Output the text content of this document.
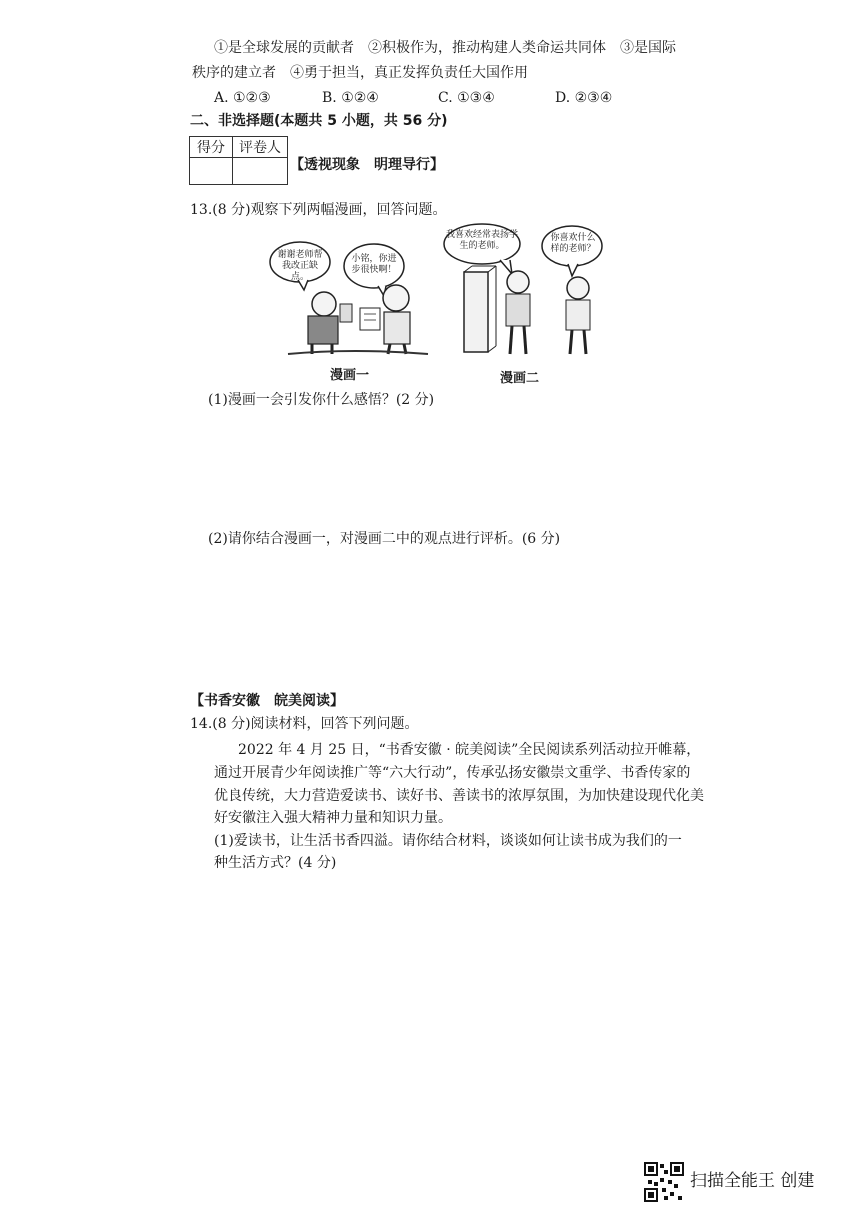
①是全球发展的贡献者　②积极作为，推动构建人类命运共同体　③是国际
秩序的建立者　④勇于担当，真正发挥负责任大国作用
A. ①②③	B. ①②④	C. ①③④	D. ②③④
二、非选择题(本题共 5 小题，共 56 分)
得分	评卷人

【透视现象　明理导行】
13.(8 分)观察下列两幅漫画，回答问题。
谢谢老师帮我改正缺点。
小铭，你进步很快啊！
漫画一
我喜欢经常表扬学生的老师。
你喜欢什么样的老师？
漫画二
(1)漫画一会引发你什么感悟？(2 分)
(2)请你结合漫画一，对漫画二中的观点进行评析。(6 分)
【书香安徽　皖美阅读】
14.(8 分)阅读材料，回答下列问题。
2022 年 4 月 25 日，“书香安徽 · 皖美阅读”全民阅读系列活动拉开帷幕，
通过开展青少年阅读推广等“六大行动”，传承弘扬安徽崇文重学、书香传家的
优良传统，大力营造爱读书、读好书、善读书的浓厚氛围，为加快建设现代化美
好安徽注入强大精神力量和知识力量。
(1)爱读书，让生活书香四溢。请你结合材料，谈谈如何让读书成为我们的一
种生活方式？(4 分)
扫描全能王 创建
